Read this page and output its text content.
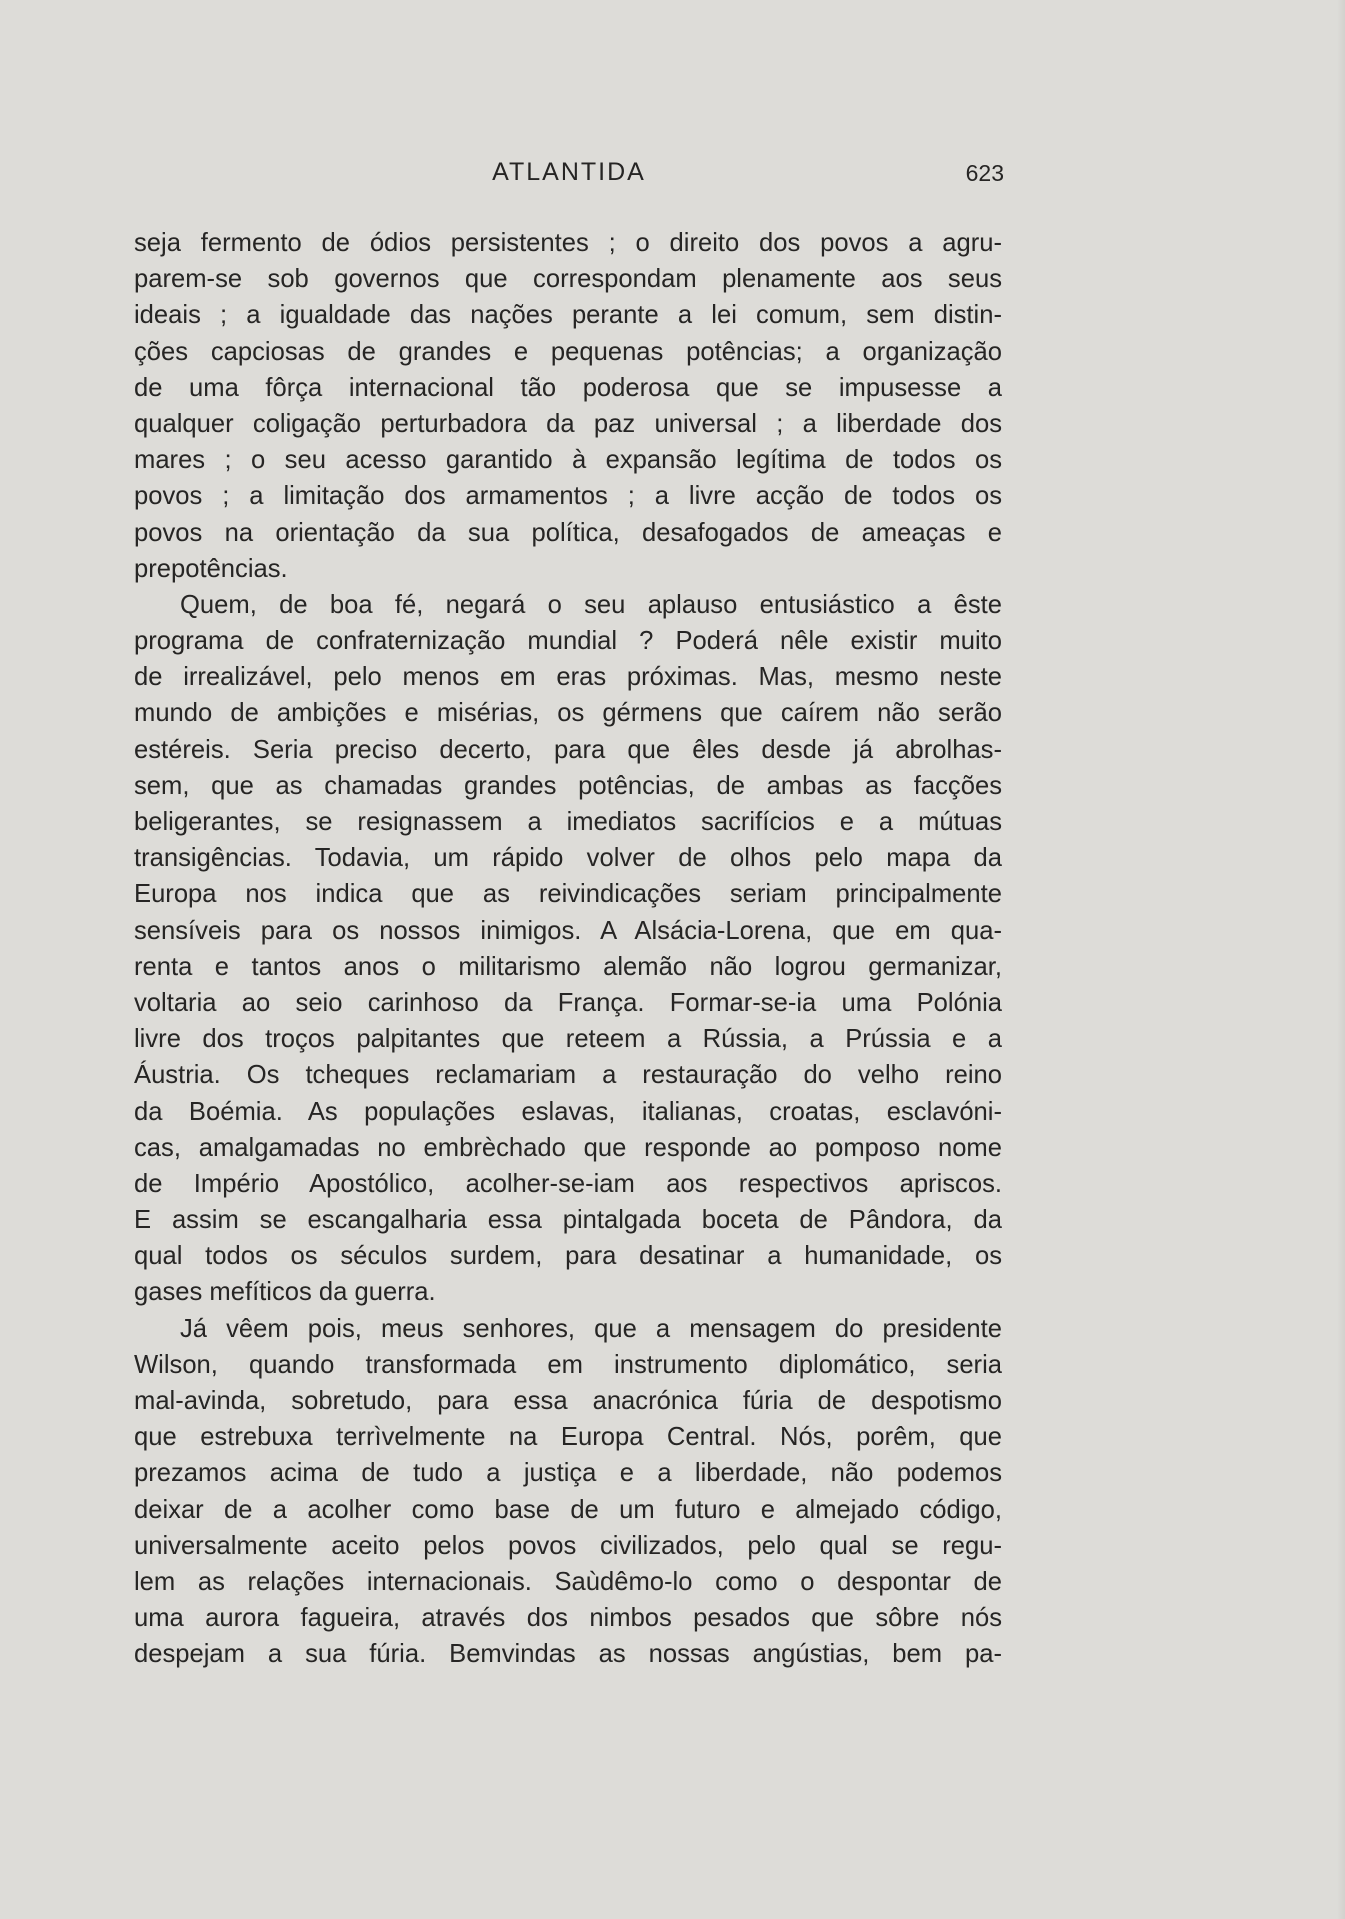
ATLANTIDA	623
seja fermento de ódios persistentes ; o direito dos povos a agru-
parem-se sob governos que correspondam plenamente aos seus
ideais ; a igualdade das nações perante a lei comum, sem distin-
ções capciosas de grandes e pequenas potências; a organização
de uma fôrça internacional tão poderosa que se impusesse a
qualquer coligação perturbadora da paz universal ; a liberdade dos
mares ; o seu acesso garantido à expansão legítima de todos os
povos ; a limitação dos armamentos ; a livre acção de todos os
povos na orientação da sua política, desafogados de ameaças e
prepotências.
Quem, de boa fé, negará o seu aplauso entusiástico a êste
programa de confraternização mundial ? Poderá nêle existir muito
de irrealizável, pelo menos em eras próximas. Mas, mesmo neste
mundo de ambições e misérias, os gérmens que caírem não serão
estéreis. Seria preciso decerto, para que êles desde já abrolhas-
sem, que as chamadas grandes potências, de ambas as facções
beligerantes, se resignassem a imediatos sacrifícios e a mútuas
transigências. Todavia, um rápido volver de olhos pelo mapa da
Europa nos indica que as reivindicações seriam principalmente
sensíveis para os nossos inimigos. A Alsácia-Lorena, que em qua-
renta e tantos anos o militarismo alemão não logrou germanizar,
voltaria ao seio carinhoso da França. Formar-se-ia uma Polónia
livre dos troços palpitantes que reteem a Rússia, a Prússia e a
Áustria. Os tcheques reclamariam a restauração do velho reino
da Boémia. As populações eslavas, italianas, croatas, esclavóni-
cas, amalgamadas no embrèchado que responde ao pomposo nome
de Império Apostólico, acolher-se-iam aos respectivos apriscos.
E assim se escangalharia essa pintalgada boceta de Pândora, da
qual todos os séculos surdem, para desatinar a humanidade, os
gases mefíticos da guerra.
Já vêem pois, meus senhores, que a mensagem do presidente
Wilson, quando transformada em instrumento diplomático, seria
mal-avinda, sobretudo, para essa anacrónica fúria de despotismo
que estrebuxa terrìvelmente na Europa Central. Nós, porêm, que
prezamos acima de tudo a justiça e a liberdade, não podemos
deixar de a acolher como base de um futuro e almejado código,
universalmente aceito pelos povos civilizados, pelo qual se regu-
lem as relações internacionais. Saùdêmo-lo como o despontar de
uma aurora fagueira, através dos nimbos pesados que sôbre nós
despejam a sua fúria. Bemvindas as nossas angústias, bem pa-
